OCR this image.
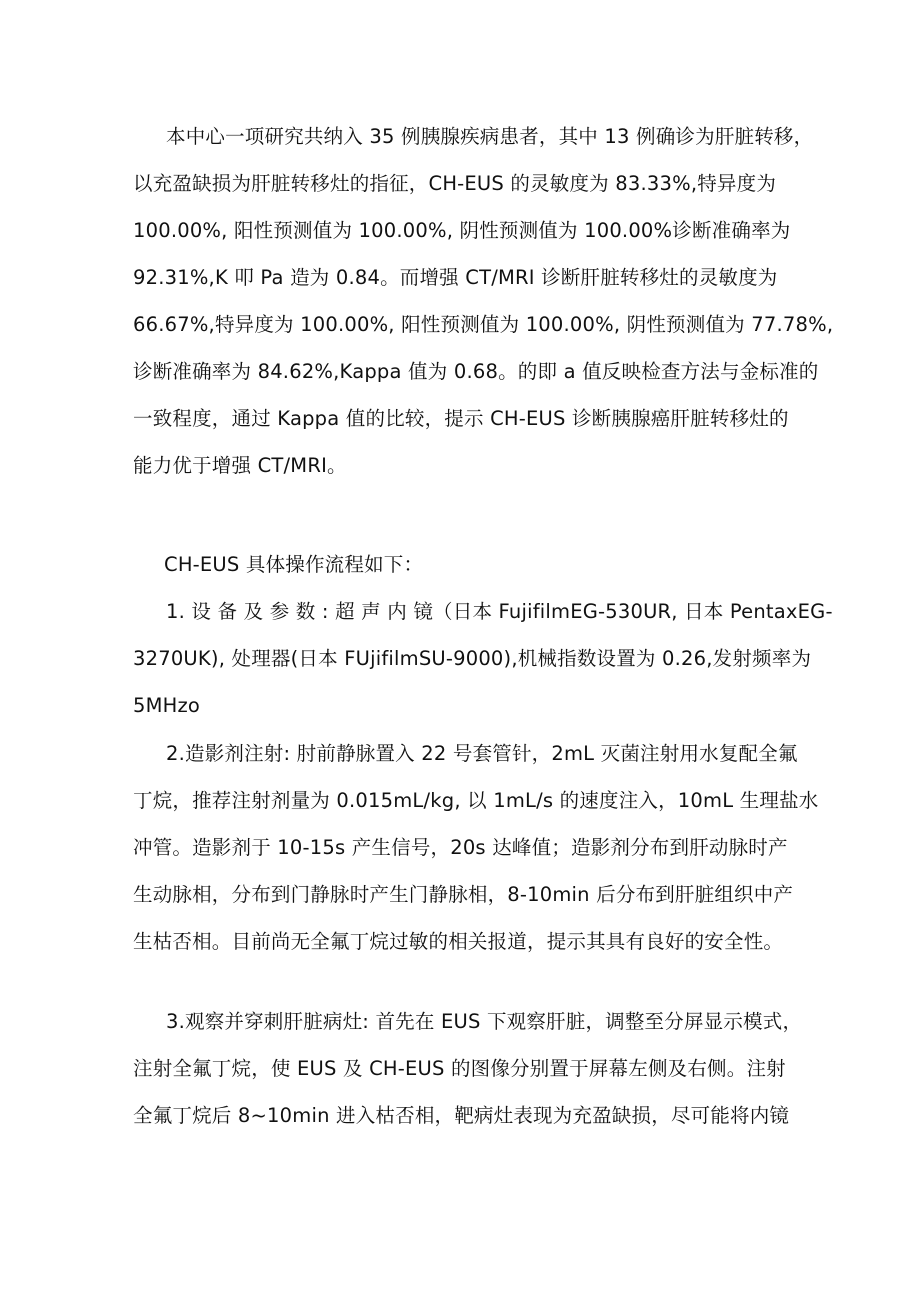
本中心一项研究共纳入 35 例胰腺疾病患者，其中 13 例确诊为肝脏转移，
以充盈缺损为肝脏转移灶的指征，CH-EUS 的灵敏度为 83.33%,特异度为
100.00%, 阳性预测值为 100.00%, 阴性预测值为 100.00%诊断准确率为
92.31%,K 叩 Pa 造为 0.84。而增强 CT/MRI 诊断肝脏转移灶的灵敏度为
66.67%,特异度为 100.00%, 阳性预测值为 100.00%, 阴性预测值为 77.78%,
诊断准确率为 84.62%,Kappa 值为 0.68。的即 a 值反映检查方法与金标准的
一致程度，通过 Kappa 值的比较，提示 CH-EUS 诊断胰腺癌肝脏转移灶的
能力优于增强 CT/MRI。
CH-EUS 具体操作流程如下：
1. 设 备 及 参 数 : 超 声 内 镜（日本 FujifilmEG-530UR, 日本 PentaxEG-
3270UK), 处理器(日本 FUjifilmSU-9000),机械指数设置为 0.26,发射频率为
5MHzo
2.造影剂注射: 肘前静脉置入 22 号套管针，2mL 灭菌注射用水复配全氟
丁烷，推荐注射剂量为 0.015mL/kg, 以 1mL/s 的速度注入，10mL 生理盐水
冲管。造影剂于 10-15s 产生信号，20s 达峰值；造影剂分布到肝动脉时产
生动脉相，分布到门静脉时产生门静脉相，8-10min 后分布到肝脏组织中产
生枯否相。目前尚无全氟丁烷过敏的相关报道，提示其具有良好的安全性。
3.观察并穿刺肝脏病灶: 首先在 EUS 下观察肝脏，调整至分屏显示模式，
注射全氟丁烷，使 EUS 及 CH-EUS 的图像分别置于屏幕左侧及右侧。注射
全氟丁烷后 8~10min 进入枯否相，靶病灶表现为充盈缺损，尽可能将内镜
